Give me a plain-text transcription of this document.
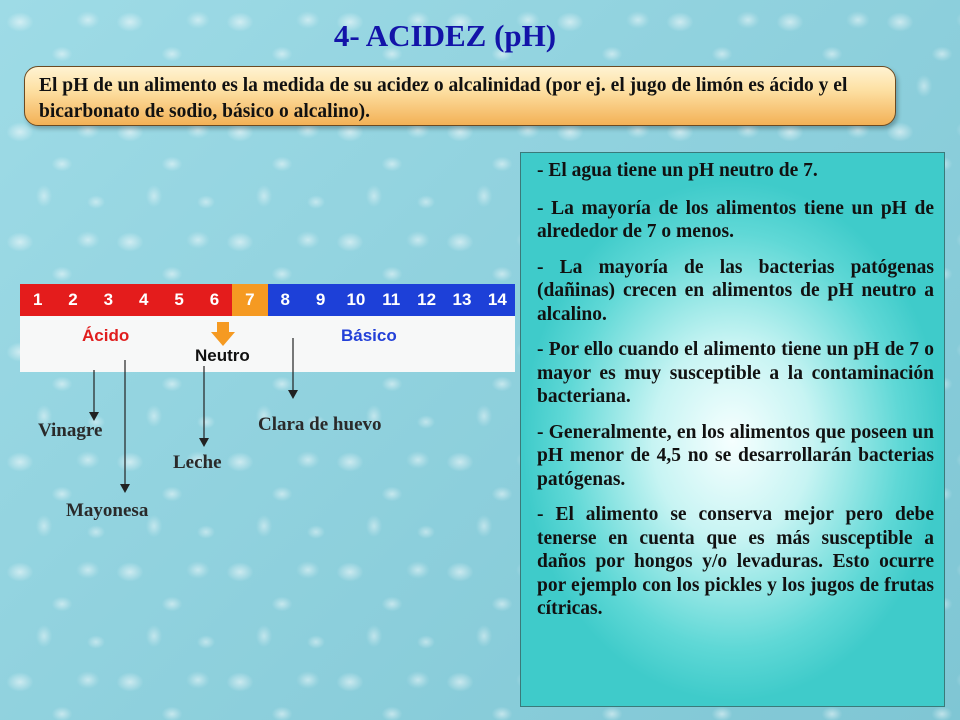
4- ACIDEZ (pH)
El pH de un alimento es la medida de su acidez o alcalinidad (por ej. el jugo de limón es ácido y el bicarbonato de sodio, básico o alcalino).
1	2	3	4	5	6	7	8	9	10 11 12 13 14
Ácido
Neutro
Básico
Vinagre
Mayonesa
Leche
Clara de huevo

- El agua tiene un pH neutro de 7.

- La mayoría de los alimentos tiene un pH de alrededor de 7 o menos.

- La mayoría de las bacterias patógenas (dañinas) crecen en alimentos de pH neutro a alcalino.

- Por ello cuando el alimento tiene un pH de 7 o mayor es muy susceptible a la contaminación bacteriana.

- Generalmente, en los alimentos que poseen un pH menor de 4,5 no se desarrollarán bacterias patógenas.

- El alimento se conserva mejor pero debe tenerse en cuenta que es más susceptible a daños por hongos y/o levaduras. Esto ocurre por ejemplo con los pickles y los jugos de frutas cítricas.
